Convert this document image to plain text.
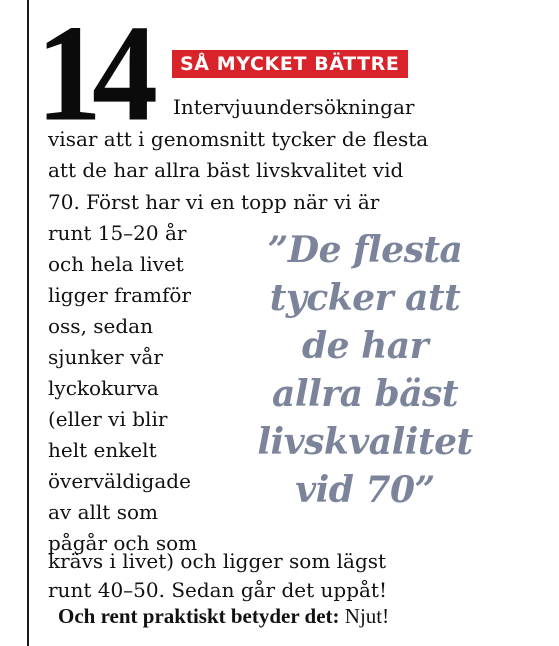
14	SÅ MYCKET BÄTTRE
Intervjuundersökningar
visar att i genomsnitt tycker de flesta
att de har allra bäst livskvalitet vid
70. Först har vi en topp när vi är
runt 15–20 år
och hela livet
ligger framför
oss, sedan
sjunker vår
lyckokurva
(eller vi blir
helt enkelt
överväldigade
av allt som
pågår och som
krävs i livet) och ligger som lägst
runt 40–50. Sedan går det uppåt!
”De flesta
tycker att
de har
allra bäst
livskvalitet
vid 70”
Och rent praktiskt betyder det: Njut!
